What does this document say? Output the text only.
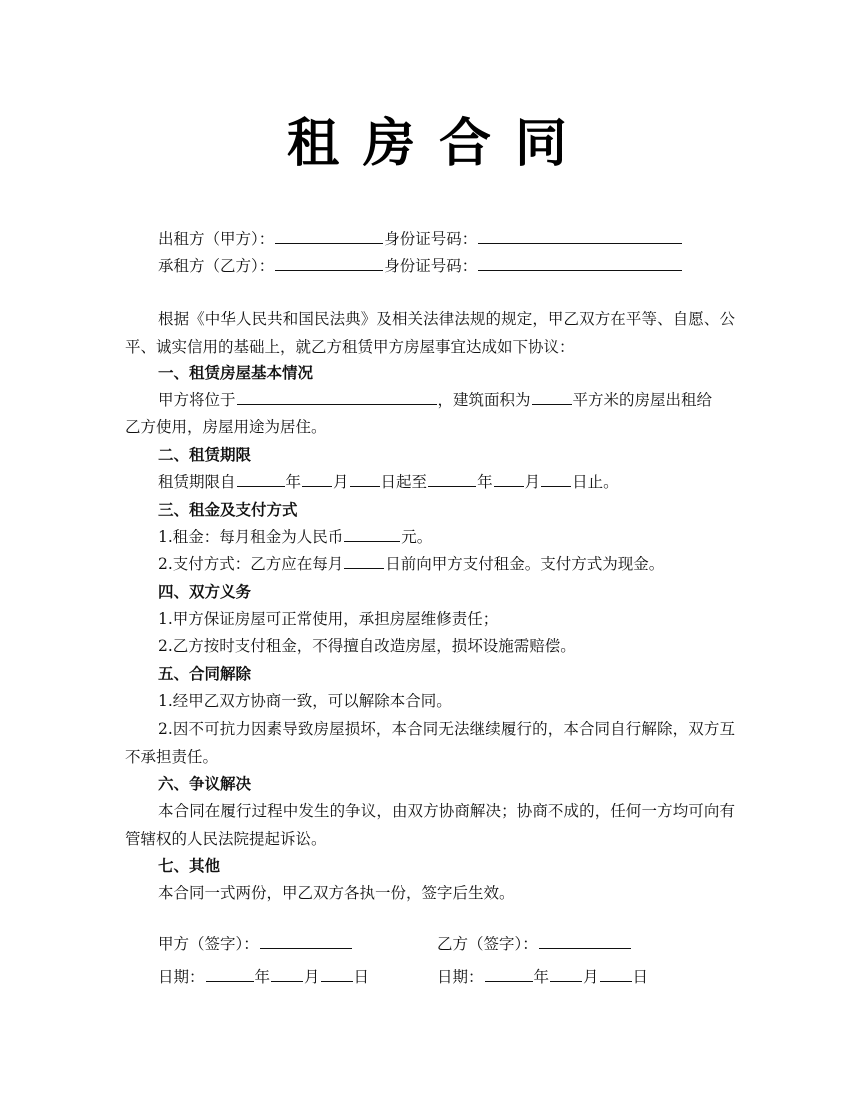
租房合同
出租方（甲方）：	身份证号码：
承租方（乙方）：	身份证号码：
根据《中华人民共和国民法典》及相关法律法规的规定，甲乙双方在平等、自愿、公平、诚实信用的基础上，就乙方租赁甲方房屋事宜达成如下协议：
一、租赁房屋基本情况
甲方将位于	，建筑面积为	平方米的房屋出租给
乙方使用，房屋用途为居住。
二、租赁期限
租赁期限自	年 月 日起至	年 月 日止。
三、租金及支付方式
1.租金：每月租金为人民币	元。
2.支付方式：乙方应在每月	日前向甲方支付租金。支付方式为现金。
四、双方义务
1.甲方保证房屋可正常使用，承担房屋维修责任；
2.乙方按时支付租金，不得擅自改造房屋，损坏设施需赔偿。
五、合同解除
1.经甲乙双方协商一致，可以解除本合同。
2.因不可抗力因素导致房屋损坏，本合同无法继续履行的，本合同自行解除，双方互不承担责任。
六、争议解决
本合同在履行过程中发生的争议，由双方协商解决；协商不成的，任何一方均可向有管辖权的人民法院提起诉讼。
七、其他
本合同一式两份，甲乙双方各执一份，签字后生效。
甲方（签字）：	乙方（签字）：
日期：	年 月 日	日期：	年 月 日
